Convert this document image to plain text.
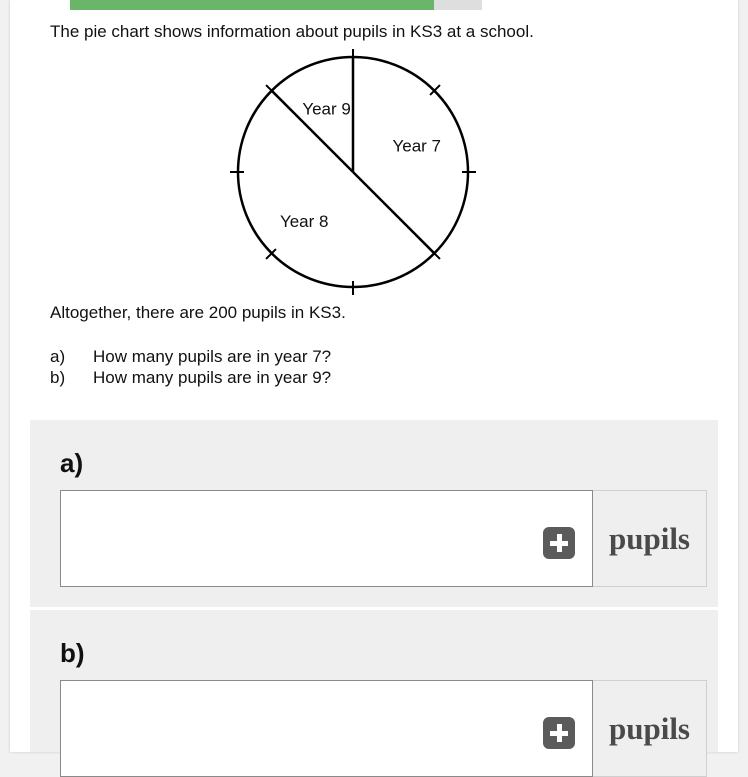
The pie chart shows information about pupils in KS3 at a school.
Year 7
Year 8
Year 9
Altogether, there are 200 pupils in KS3.
a)	How many pupils are in year 7?
b)	How many pupils are in year 9?
a)
pupils
b)
pupils
